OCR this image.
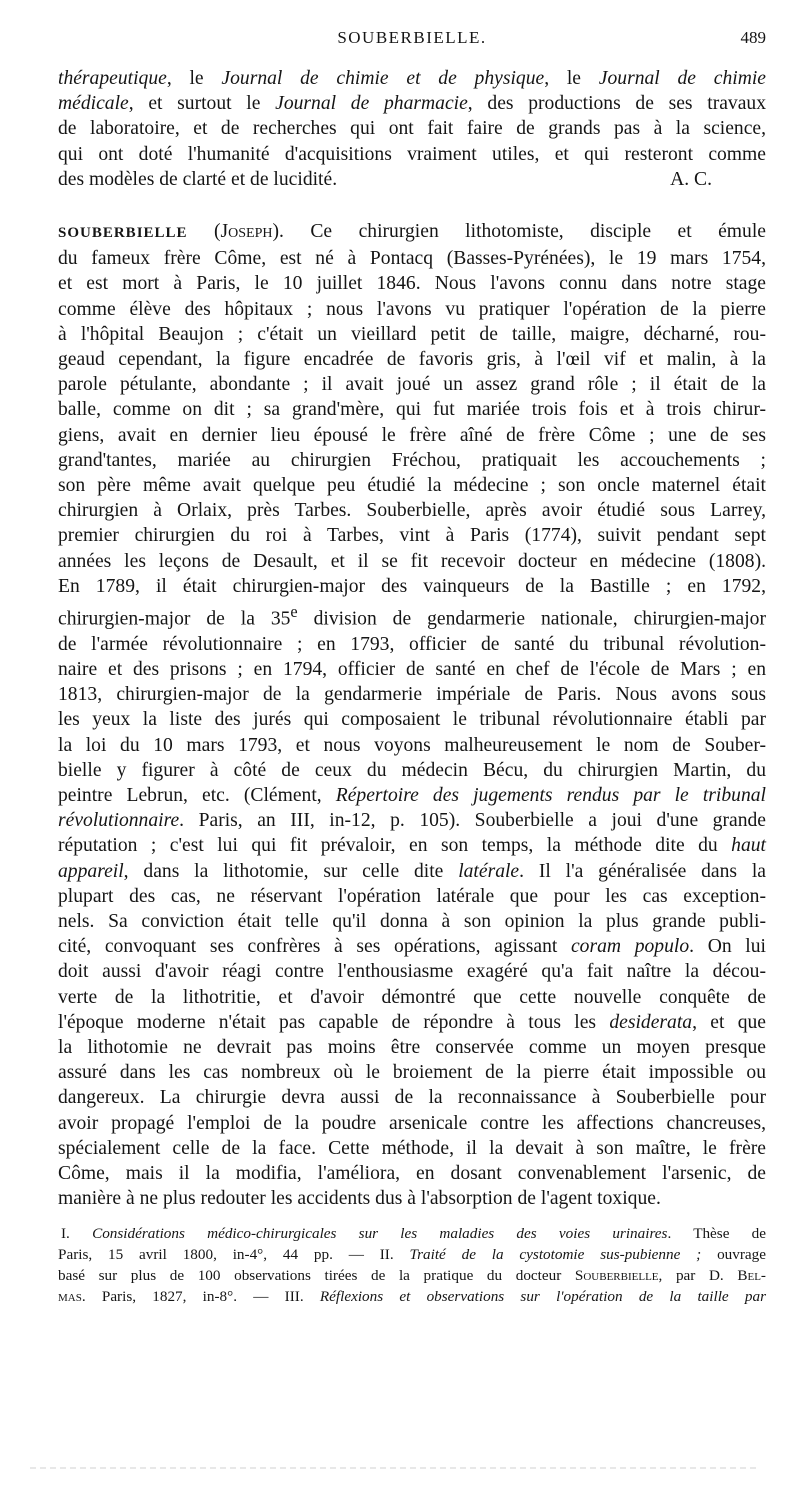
SOUBERBIELLE.	489
thérapeutique, le Journal de chimie et de physique, le Journal de chimie
médicale, et surtout le Journal de pharmacie, des productions de ses travaux
de laboratoire, et de recherches qui ont fait faire de grands pas à la science,
qui ont doté l'humanité d'acquisitions vraiment utiles, et qui resteront comme
des modèles de clarté et de lucidité.	A. C.
SOUBERBIELLE (Joseph). Ce chirurgien lithotomiste, disciple et émule
du fameux frère Côme, est né à Pontacq (Basses-Pyrénées), le 19 mars 1754,
et est mort à Paris, le 10 juillet 1846. Nous l'avons connu dans notre stage
comme élève des hôpitaux ; nous l'avons vu pratiquer l'opération de la pierre
à l'hôpital Beaujon ; c'était un vieillard petit de taille, maigre, décharné, rou-
geaud cependant, la figure encadrée de favoris gris, à l'œil vif et malin, à la
parole pétulante, abondante ; il avait joué un assez grand rôle ; il était de la
balle, comme on dit ; sa grand'mère, qui fut mariée trois fois et à trois chirur-
giens, avait en dernier lieu épousé le frère aîné de frère Côme ; une de ses
grand'tantes, mariée au chirurgien Fréchou, pratiquait les accouchements ;
son père même avait quelque peu étudié la médecine ; son oncle maternel était
chirurgien à Orlaix, près Tarbes. Souberbielle, après avoir étudié sous Larrey,
premier chirurgien du roi à Tarbes, vint à Paris (1774), suivit pendant sept
années les leçons de Desault, et il se fit recevoir docteur en médecine (1808).
En 1789, il était chirurgien-major des vainqueurs de la Bastille ; en 1792,
chirurgien-major de la 35e division de gendarmerie nationale, chirurgien-major
de l'armée révolutionnaire ; en 1793, officier de santé du tribunal révolution-
naire et des prisons ; en 1794, officier de santé en chef de l'école de Mars ; en
1813, chirurgien-major de la gendarmerie impériale de Paris. Nous avons sous
les yeux la liste des jurés qui composaient le tribunal révolutionnaire établi par
la loi du 10 mars 1793, et nous voyons malheureusement le nom de Souber-
bielle y figurer à côté de ceux du médecin Bécu, du chirurgien Martin, du
peintre Lebrun, etc. (Clément, Répertoire des jugements rendus par le tribunal
révolutionnaire. Paris, an III, in-12, p. 105). Souberbielle a joui d'une grande
réputation ; c'est lui qui fit prévaloir, en son temps, la méthode dite du haut
appareil, dans la lithotomie, sur celle dite latérale. Il l'a généralisée dans la
plupart des cas, ne réservant l'opération latérale que pour les cas exception-
nels. Sa conviction était telle qu'il donna à son opinion la plus grande publi-
cité, convoquant ses confrères à ses opérations, agissant coram populo. On lui
doit aussi d'avoir réagi contre l'enthousiasme exagéré qu'a fait naître la décou-
verte de la lithotritie, et d'avoir démontré que cette nouvelle conquête de
l'époque moderne n'était pas capable de répondre à tous les desiderata, et que
la lithotomie ne devrait pas moins être conservée comme un moyen presque
assuré dans les cas nombreux où le broiement de la pierre était impossible ou
dangereux. La chirurgie devra aussi de la reconnaissance à Souberbielle pour
avoir propagé l'emploi de la poudre arsenicale contre les affections chancreuses,
spécialement celle de la face. Cette méthode, il la devait à son maître, le frère
Côme, mais il la modifia, l'améliora, en dosant convenablement l'arsenic, de
manière à ne plus redouter les accidents dus à l'absorption de l'agent toxique.
I. Considérations médico-chirurgicales sur les maladies des voies urinaires. Thèse de
Paris, 15 avril 1800, in-4°, 44 pp. — II. Traité de la cystotomie sus-pubienne ; ouvrage
basé sur plus de 100 observations tirées de la pratique du docteur Souberbielle, par D. Bel-
mas. Paris, 1827, in-8°. — III. Réflexions et observations sur l'opération de la taille par
